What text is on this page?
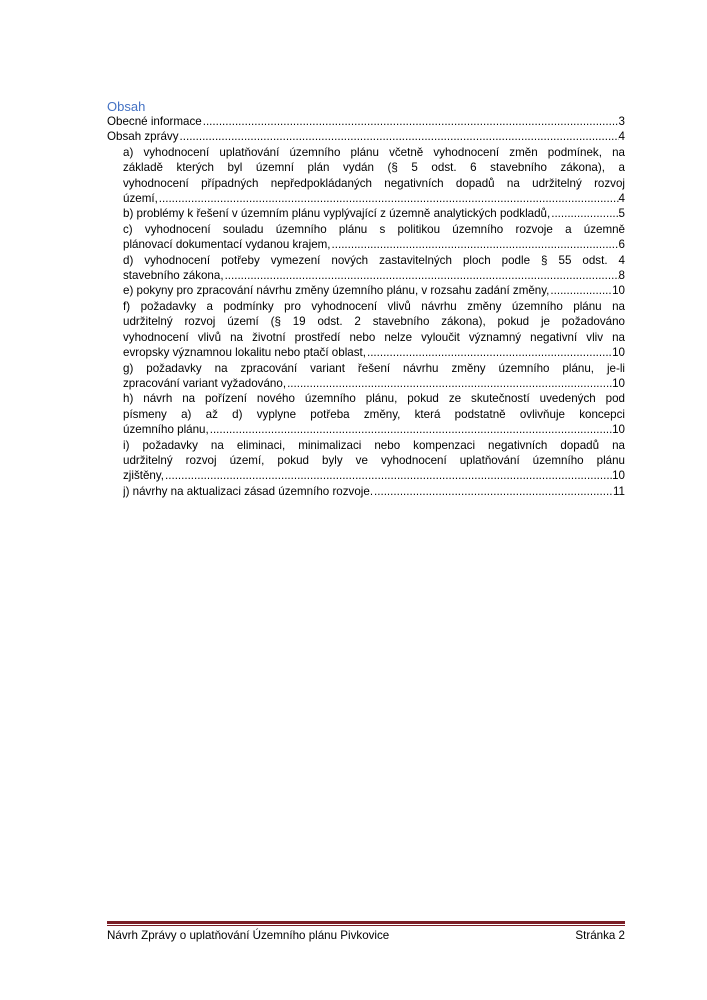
Obsah
Obecné informace .....	3
Obsah zprávy .....	4
a) vyhodnocení uplatňování územního plánu včetně vyhodnocení změn podmínek, na
základě kterých byl územní plán vydán (§ 5 odst. 6 stavebního zákona), a
vyhodnocení případných nepředpokládaných negativních dopadů na udržitelný rozvoj
území, .....	4
b) problémy k řešení v územním plánu vyplývající z územně analytických podkladů, .....	5
c) vyhodnocení souladu územního plánu s politikou územního rozvoje a územně
plánovací dokumentací vydanou krajem, .....	6
d) vyhodnocení potřeby vymezení nových zastavitelných ploch podle § 55 odst. 4
stavebního zákona, .....	8
e) pokyny pro zpracování návrhu změny územního plánu, v rozsahu zadání změny, .....	10
f) požadavky a podmínky pro vyhodnocení vlivů návrhu změny územního plánu na
udržitelný rozvoj území (§ 19 odst. 2 stavebního zákona), pokud je požadováno
vyhodnocení vlivů na životní prostředí nebo nelze vyloučit významný negativní vliv na
evropsky významnou lokalitu nebo ptačí oblast, .....	10
g) požadavky na zpracování variant řešení návrhu změny územního plánu, je-li
zpracování variant vyžadováno, .....	10
h) návrh na pořízení nového územního plánu, pokud ze skutečností uvedených pod
písmeny a) až d) vyplyne potřeba změny, která podstatně ovlivňuje koncepci
územního plánu, .....	10
i) požadavky na eliminaci, minimalizaci nebo kompenzaci negativních dopadů na
udržitelný rozvoj území, pokud byly ve vyhodnocení uplatňování územního plánu
zjištěny, .....	10
j) návrhy na aktualizaci zásad územního rozvoje. .....	11
Návrh Zprávy o uplatňování Územního plánu Pivkovice	Stránka 2
